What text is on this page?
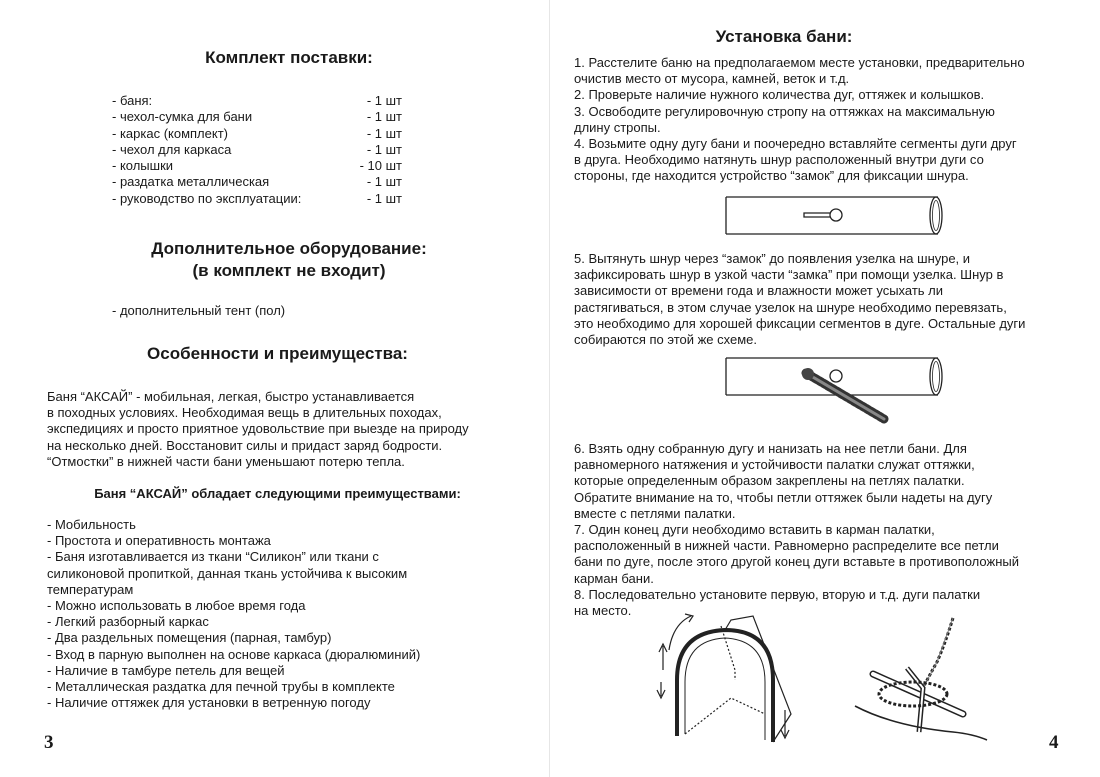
Комплект поставки:
- баня:	- 1 шт
- чехол-сумка для бани	- 1 шт
- каркас (комплект)	- 1 шт
- чехол для каркаса	- 1 шт
- колышки	- 10 шт
- раздатка металлическая	- 1 шт
- руководство по эксплуатации:	- 1 шт
Дополнительное оборудование:
(в комплект не входит)
- дополнительный тент (пол)
Особенности и преимущества:
Баня “АКСАЙ” - мобильная, легкая, быстро устанавливается
в походных условиях. Необходимая вещь в длительных походах,
экспедициях и просто приятное удовольствие при выезде на природу
на несколько дней. Восстановит силы и придаст заряд бодрости.
“Отмостки” в нижней части бани уменьшают потерю тепла.
Баня “АКСАЙ” обладает следующими преимуществами:
- Мобильность
- Простота и оперативность монтажа
- Баня изготавливается из ткани “Силикон” или ткани с
силиконовой пропиткой, данная ткань устойчива к высоким
температурам
- Можно использовать в любое время года
- Легкий разборный каркас
- Два раздельных помещения (парная, тамбур)
- Вход в парную выполнен на основе каркаса (дюралюминий)
- Наличие в тамбуре петель для вещей
- Металлическая раздатка для печной трубы в комплекте
- Наличие оттяжек для установки в ветренную погоду
3
Установка бани:
1. Расстелите баню на предполагаемом месте установки, предварительно
очистив место от мусора, камней, веток и т.д.
2. Проверьте наличие нужного количества дуг, оттяжек и колышков.
3. Освободите регулировочную стропу на оттяжках на максимальную
длину стропы.
4. Возьмите одну дугу бани и поочередно вставляйте сегменты дуги друг
в друга. Необходимо натянуть шнур расположенный внутри дуги со
стороны, где находится устройство “замок” для фиксации шнура.
5. Вытянуть шнур через “замок” до появления узелка на шнуре, и
зафиксировать шнур в узкой части “замка” при помощи узелка. Шнур в
зависимости от времени года и влажности может усыхать ли
растягиваться, в этом случае узелок на шнуре необходимо перевязать,
это необходимо для хорошей фиксации сегментов в дуге. Остальные дуги
собираются по этой же схеме.
6. Взять одну собранную дугу и нанизать на нее петли бани. Для
равномерного натяжения и устойчивости палатки служат оттяжки,
которые определенным образом закреплены на петлях палатки.
Обратите внимание на то, чтобы петли оттяжек были надеты на дугу
вместе с петлями палатки.
7. Один конец дуги необходимо вставить в карман палатки,
расположенный в нижней части. Равномерно распределите все петли
бани по дуге, после этого другой конец дуги вставьте в противоположный
карман бани.
8. Последовательно установите первую, вторую и т.д. дуги палатки
на место.
4
